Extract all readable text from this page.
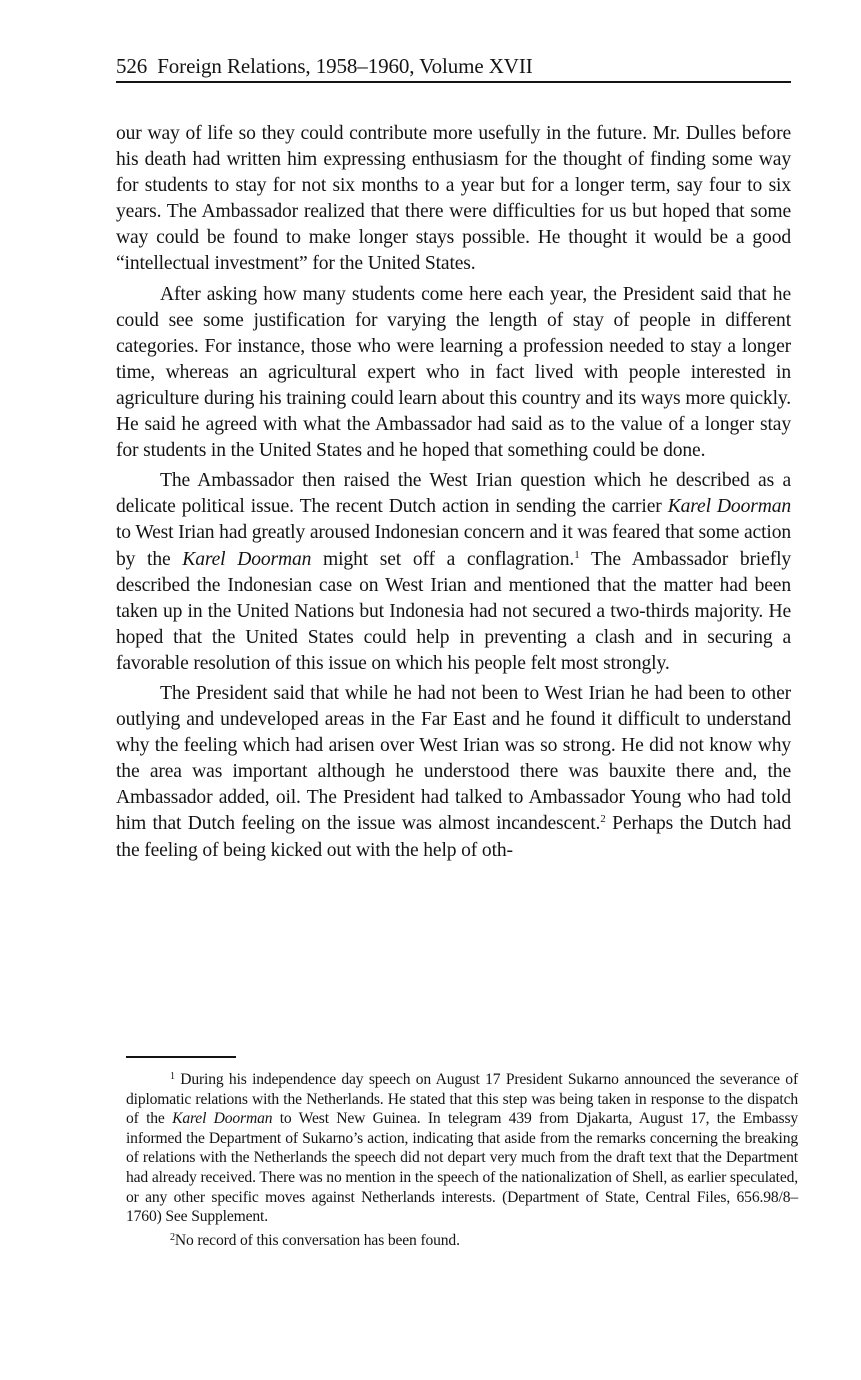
526 Foreign Relations, 1958–1960, Volume XVII

our way of life so they could contribute more usefully in the future. Mr. Dulles before his death had written him expressing enthusiasm for the thought of finding some way for students to stay for not six months to a year but for a longer term, say four to six years. The Ambassador realized that there were difficulties for us but hoped that some way could be found to make longer stays possible. He thought it would be a good “intellectual investment” for the United States.

After asking how many students come here each year, the President said that he could see some justification for varying the length of stay of people in different categories. For instance, those who were learning a profession needed to stay a longer time, whereas an agricultural expert who in fact lived with people interested in agriculture during his training could learn about this country and its ways more quickly. He said he agreed with what the Ambassador had said as to the value of a longer stay for students in the United States and he hoped that something could be done.

The Ambassador then raised the West Irian question which he described as a delicate political issue. The recent Dutch action in sending the carrier Karel Doorman to West Irian had greatly aroused Indonesian concern and it was feared that some action by the Karel Doorman might set off a conflagration.$^1$ The Ambassador briefly described the Indonesian case on West Irian and mentioned that the matter had been taken up in the United Nations but Indonesia had not secured a two-thirds majority. He hoped that the United States could help in preventing a clash and in securing a favorable resolution of this issue on which his people felt most strongly.

The President said that while he had not been to West Irian he had been to other outlying and undeveloped areas in the Far East and he found it difficult to understand why the feeling which had arisen over West Irian was so strong. He did not know why the area was important although he understood there was bauxite there and, the Ambassador added, oil. The President had talked to Ambassador Young who had told him that Dutch feeling on the issue was almost incandescent.$^2$ Perhaps the Dutch had the feeling of being kicked out with the help of oth-

$^1$ During his independence day speech on August 17 President Sukarno announced the severance of diplomatic relations with the Netherlands. He stated that this step was being taken in response to the dispatch of the Karel Doorman to West New Guinea. In telegram 439 from Djakarta, August 17, the Embassy informed the Department of Sukarno’s action, indicating that aside from the remarks concerning the breaking of relations with the Netherlands the speech did not depart very much from the draft text that the Department had already received. There was no mention in the speech of the nationalization of Shell, as earlier speculated, or any other specific moves against Netherlands interests. (Department of State, Central Files, 656.98/8–1760) See Supplement.

$^2$No record of this conversation has been found.
